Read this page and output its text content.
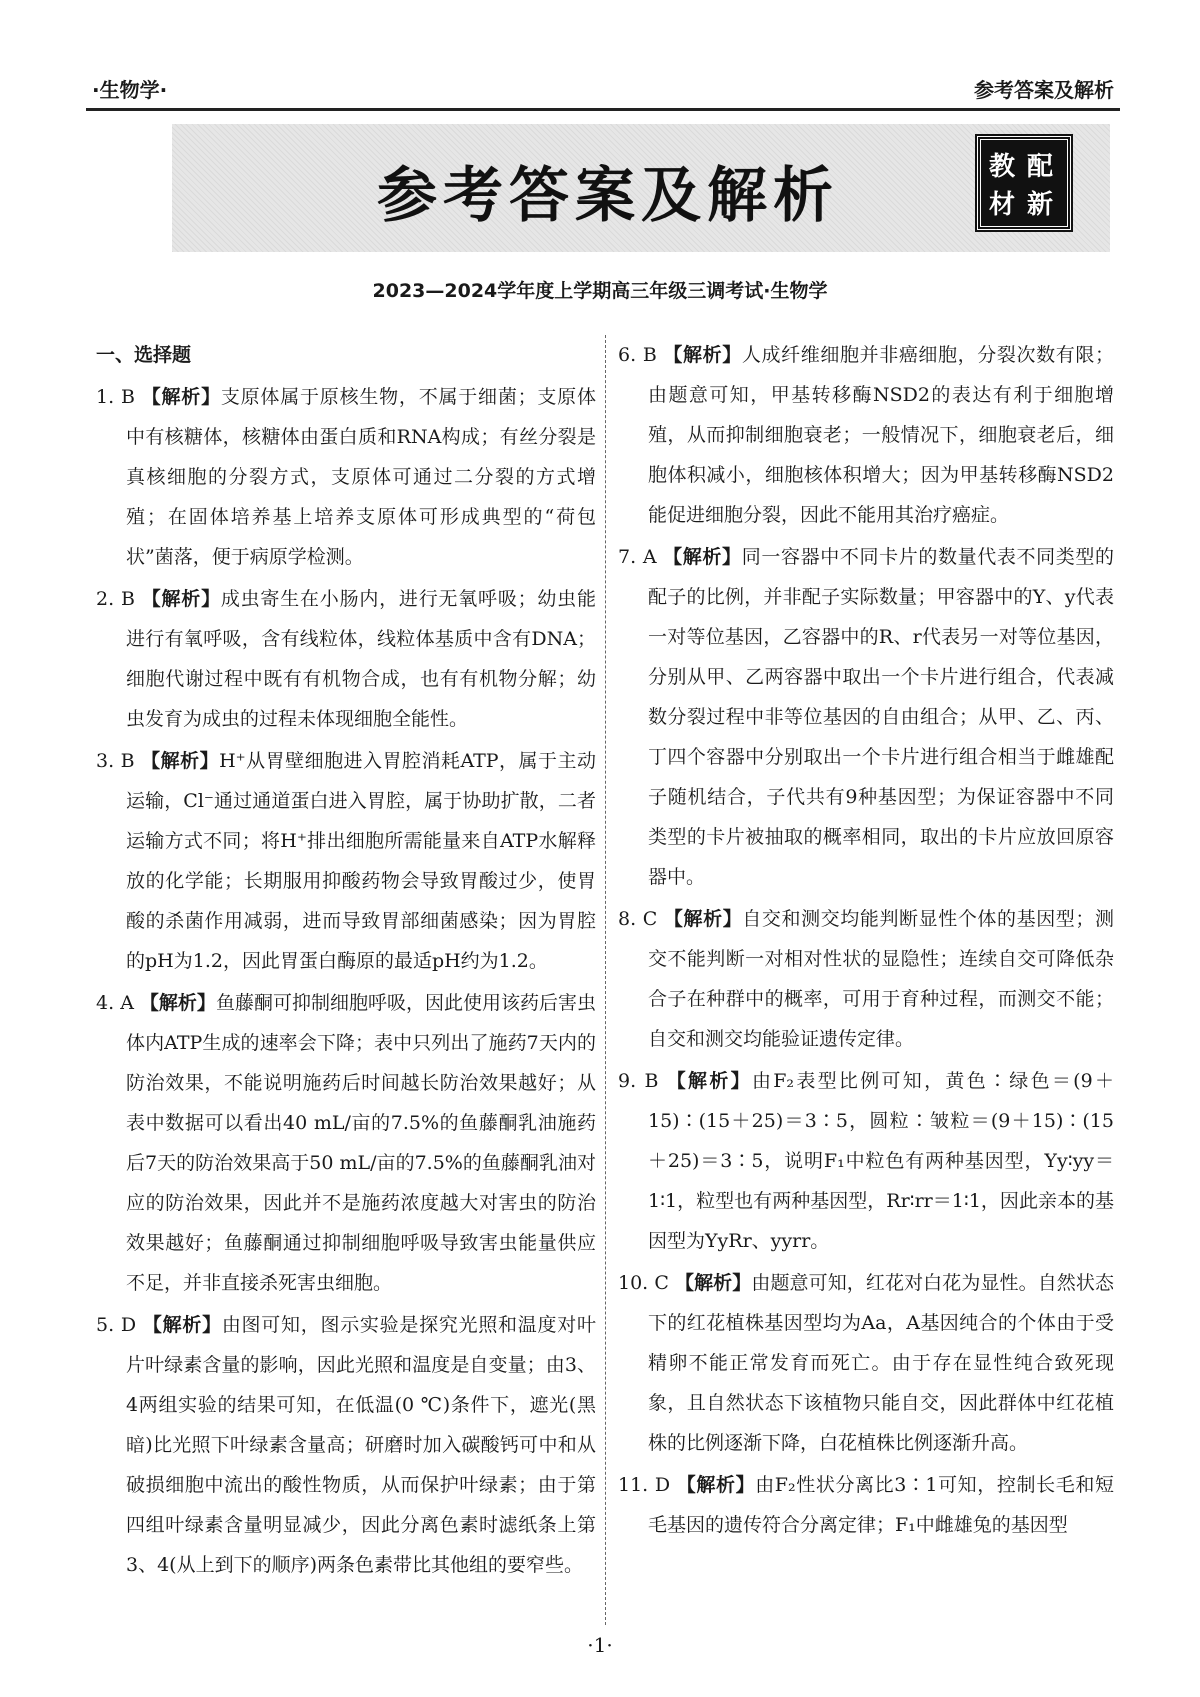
·生物学·	参考答案及解析
参考答案及解析	教 配
材 新
2023—2024学年度上学期高三年级三调考试·生物学
一、选择题
1. B 【解析】支原体属于原核生物，不属于细菌；支原体中有核糖体，核糖体由蛋白质和RNA构成；有丝分裂是真核细胞的分裂方式，支原体可通过二分裂的方式增殖；在固体培养基上培养支原体可形成典型的“荷包状”菌落，便于病原学检测。
2. B 【解析】成虫寄生在小肠内，进行无氧呼吸；幼虫能进行有氧呼吸，含有线粒体，线粒体基质中含有DNA；细胞代谢过程中既有有机物合成，也有有机物分解；幼虫发育为成虫的过程未体现细胞全能性。
3. B 【解析】H⁺从胃壁细胞进入胃腔消耗ATP，属于主动运输，Cl⁻通过通道蛋白进入胃腔，属于协助扩散，二者运输方式不同；将H⁺排出细胞所需能量来自ATP水解释放的化学能；长期服用抑酸药物会导致胃酸过少，使胃酸的杀菌作用减弱，进而导致胃部细菌感染；因为胃腔的pH为1.2，因此胃蛋白酶原的最适pH约为1.2。
4. A 【解析】鱼藤酮可抑制细胞呼吸，因此使用该药后害虫体内ATP生成的速率会下降；表中只列出了施药7天内的防治效果，不能说明施药后时间越长防治效果越好；从表中数据可以看出40 mL/亩的7.5%的鱼藤酮乳油施药后7天的防治效果高于50 mL/亩的7.5%的鱼藤酮乳油对应的防治效果，因此并不是施药浓度越大对害虫的防治效果越好；鱼藤酮通过抑制细胞呼吸导致害虫能量供应不足，并非直接杀死害虫细胞。
5. D 【解析】由图可知，图示实验是探究光照和温度对叶片叶绿素含量的影响，因此光照和温度是自变量；由3、4两组实验的结果可知，在低温(0 ℃)条件下，遮光(黑暗)比光照下叶绿素含量高；研磨时加入碳酸钙可中和从破损细胞中流出的酸性物质，从而保护叶绿素；由于第四组叶绿素含量明显减少，因此分离色素时滤纸条上第3、4(从上到下的顺序)两条色素带比其他组的要窄些。
6. B 【解析】人成纤维细胞并非癌细胞，分裂次数有限；由题意可知，甲基转移酶NSD2的表达有利于细胞增殖，从而抑制细胞衰老；一般情况下，细胞衰老后，细胞体积减小，细胞核体积增大；因为甲基转移酶NSD2能促进细胞分裂，因此不能用其治疗癌症。
7. A 【解析】同一容器中不同卡片的数量代表不同类型的配子的比例，并非配子实际数量；甲容器中的Y、y代表一对等位基因，乙容器中的R、r代表另一对等位基因，分别从甲、乙两容器中取出一个卡片进行组合，代表减数分裂过程中非等位基因的自由组合；从甲、乙、丙、丁四个容器中分别取出一个卡片进行组合相当于雌雄配子随机结合，子代共有9种基因型；为保证容器中不同类型的卡片被抽取的概率相同，取出的卡片应放回原容器中。
8. C 【解析】自交和测交均能判断显性个体的基因型；测交不能判断一对相对性状的显隐性；连续自交可降低杂合子在种群中的概率，可用于育种过程，而测交不能；自交和测交均能验证遗传定律。
9. B 【解析】由F₂表型比例可知，黄色∶绿色＝(9＋15)∶(15＋25)＝3∶5，圆粒∶皱粒＝(9＋15)∶(15＋25)＝3∶5，说明F₁中粒色有两种基因型，Yy∶yy＝1∶1，粒型也有两种基因型，Rr∶rr＝1∶1，因此亲本的基因型为YyRr、yyrr。
10. C 【解析】由题意可知，红花对白花为显性。自然状态下的红花植株基因型均为Aa，A基因纯合的个体由于受精卵不能正常发育而死亡。由于存在显性纯合致死现象，且自然状态下该植物只能自交，因此群体中红花植株的比例逐渐下降，白花植株比例逐渐升高。
11. D 【解析】由F₂性状分离比3∶1可知，控制长毛和短毛基因的遗传符合分离定律；F₁中雌雄兔的基因型
·1·
